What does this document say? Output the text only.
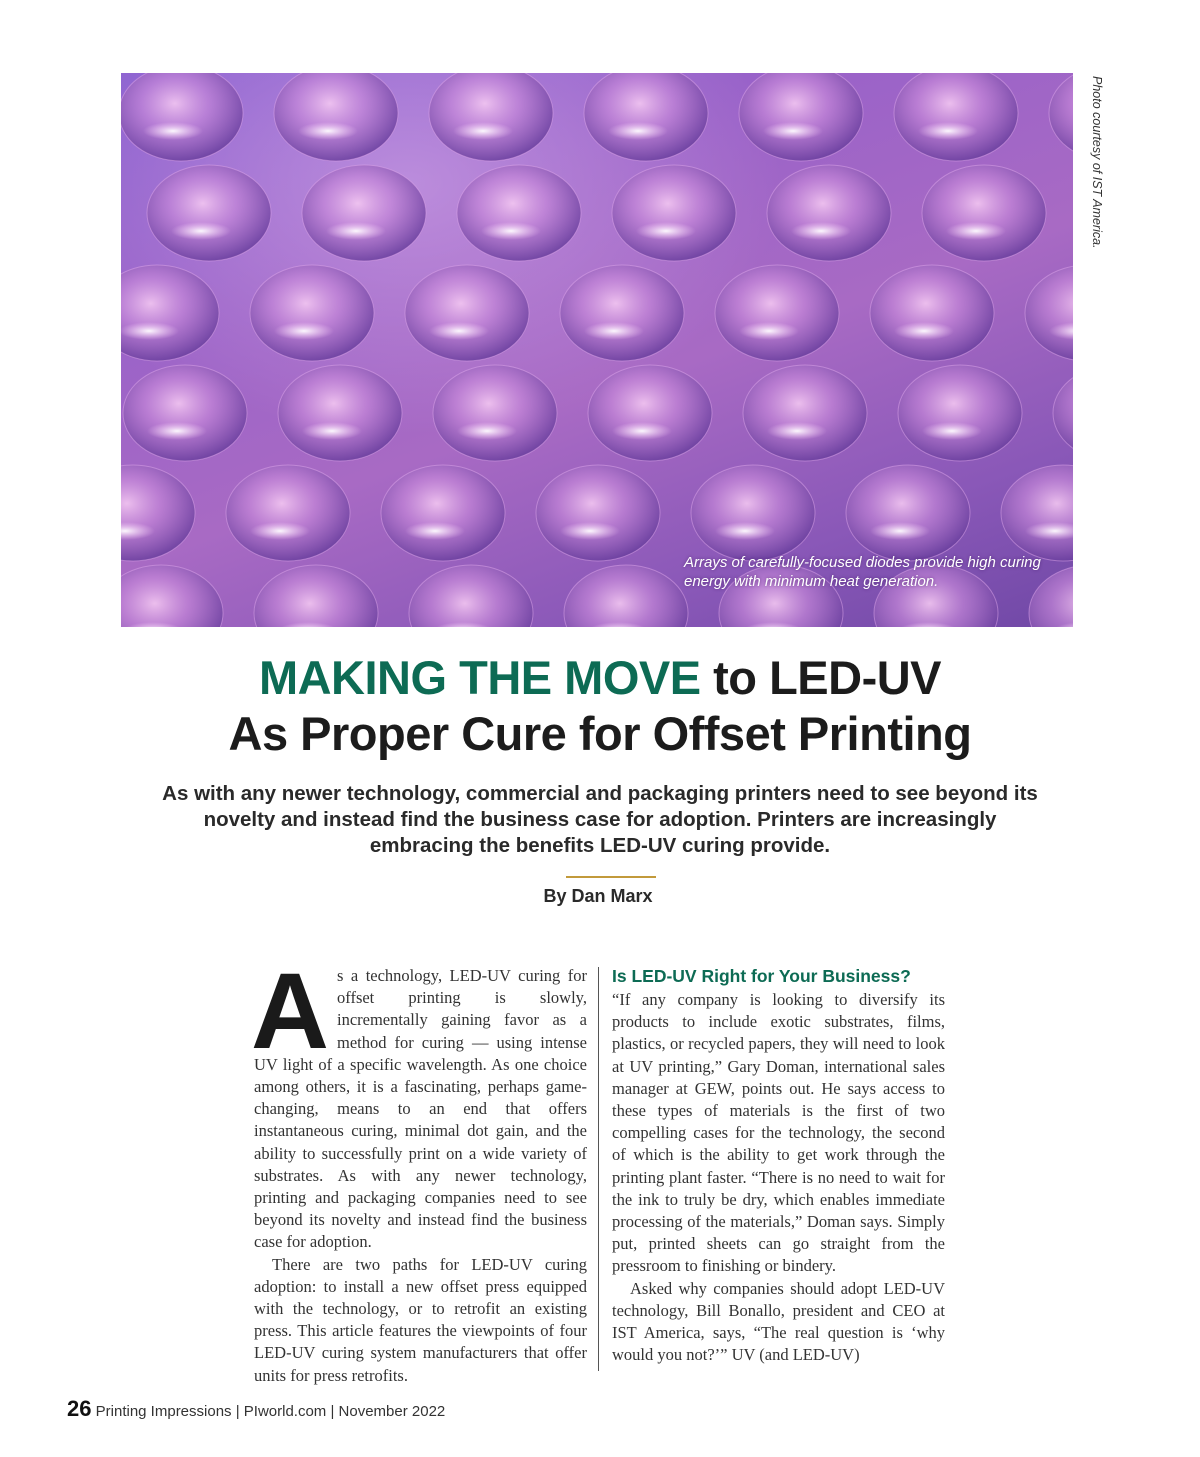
Arrays of carefully-focused diodes provide high curing energy with minimum heat generation.
Photo courtesy of IST America.
MAKING THE MOVE to LED-UV
As Proper Cure for Offset Printing
As with any newer technology, commercial and packaging printers need to see beyond its novelty and instead find the business case for adoption. Printers are increasingly embracing the benefits LED-UV curing provide.
By Dan Marx

As a technology, LED-UV curing for offset printing is slowly, incrementally gaining favor as a method for curing — using intense UV light of a specific wavelength. As one choice among others, it is a fascinating, perhaps game-changing, means to an end that offers instantaneous curing, minimal dot gain, and the ability to successfully print on a wide variety of substrates. As with any newer technology, printing and packaging companies need to see beyond its novelty and instead find the business case for adoption.

There are two paths for LED-UV curing adoption: to install a new offset press equipped with the technology, or to retrofit an existing press. This article features the viewpoints of four LED-UV curing system manufacturers that offer units for press retrofits.

Is LED-UV Right for Your Business?

“If any company is looking to diversify its products to include exotic substrates, films, plastics, or recycled papers, they will need to look at UV printing,” Gary Doman, international sales manager at GEW, points out. He says access to these types of materials is the first of two compelling cases for the technology, the second of which is the ability to get work through the printing plant faster. “There is no need to wait for the ink to truly be dry, which enables immediate processing of the materials,” Doman says. Simply put, printed sheets can go straight from the pressroom to finishing or bindery.

Asked why companies should adopt LED-UV technology, Bill Bonallo, president and CEO at IST America, says, “The real question is ‘why would you not?’” UV (and LED-UV)

26 Printing Impressions | PIworld.com | November 2022
